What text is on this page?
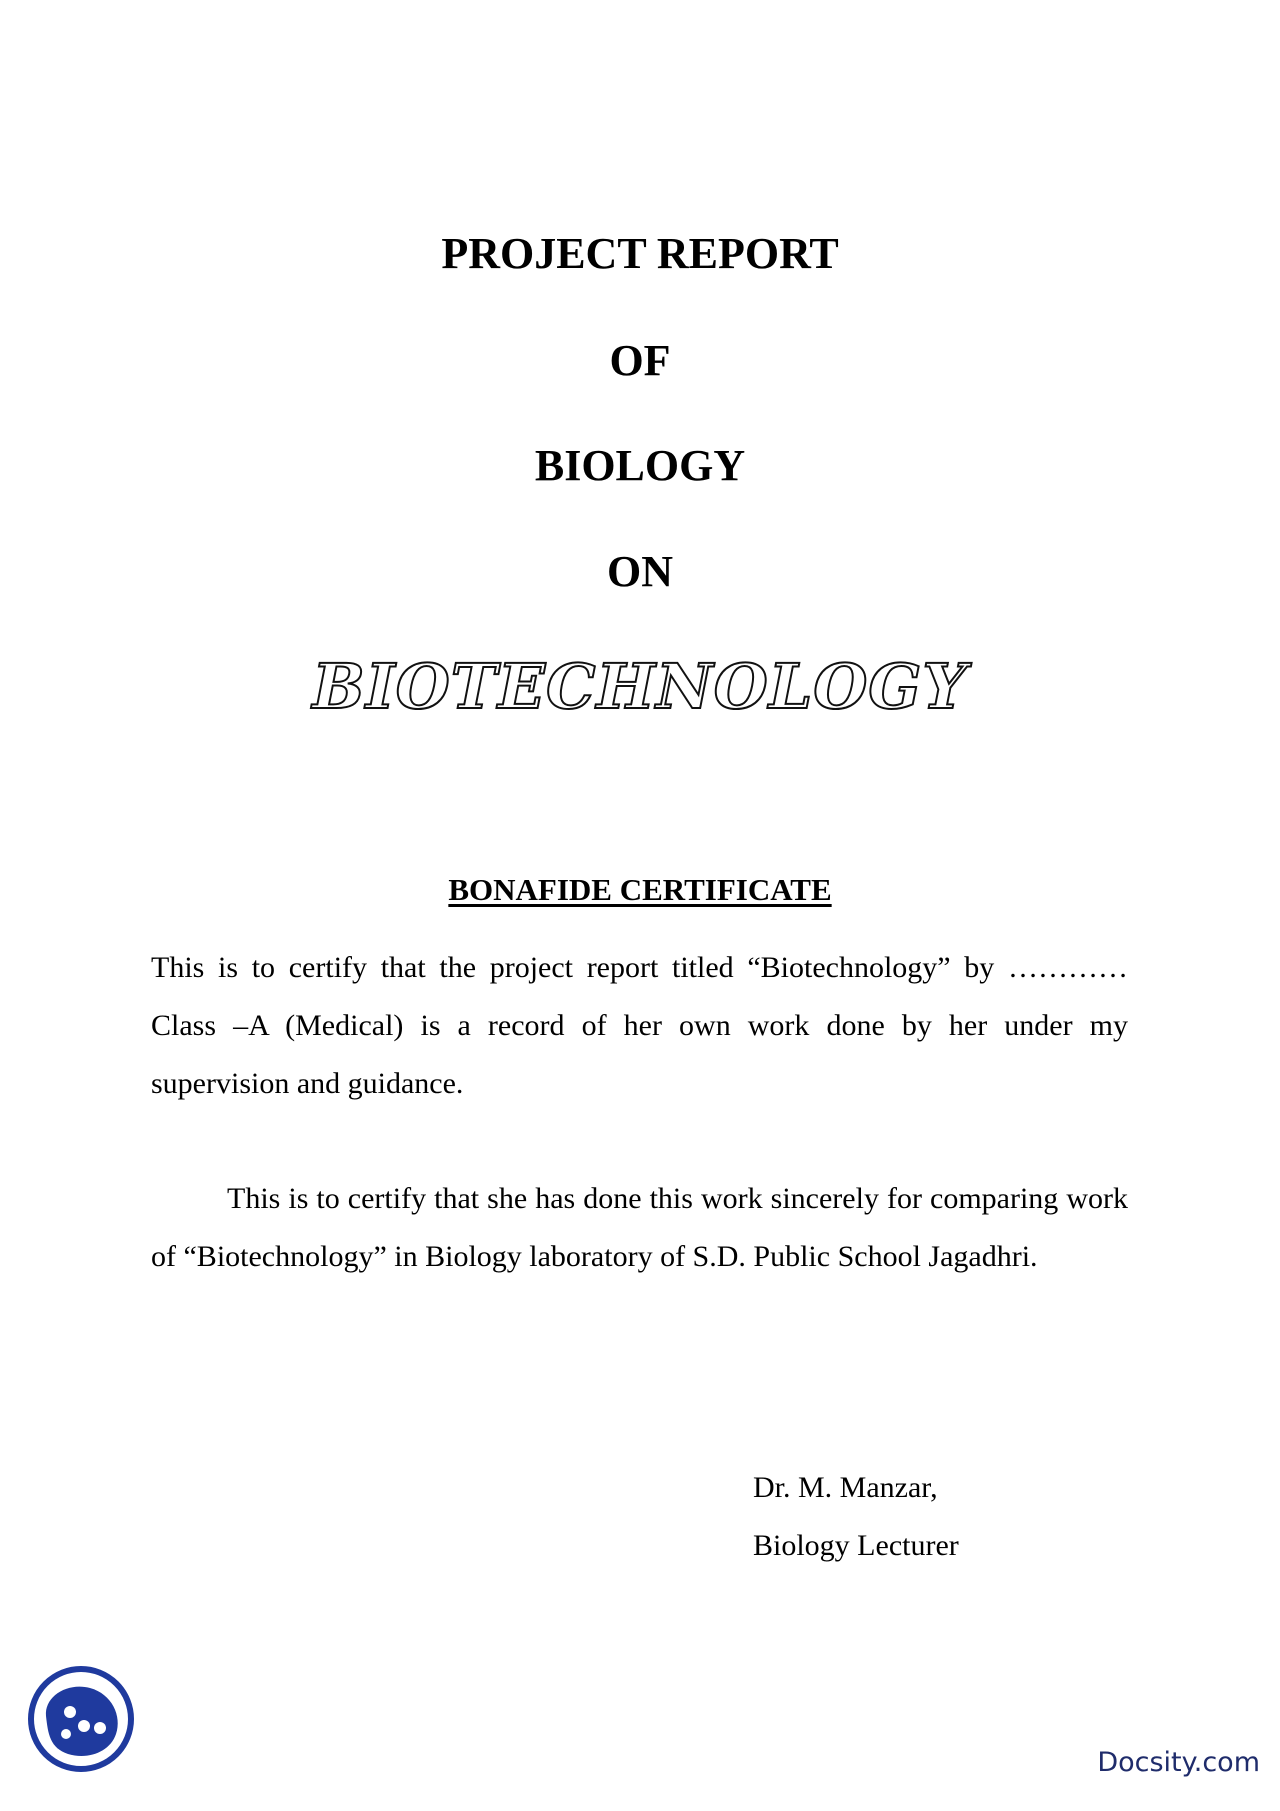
PROJECT REPORT
OF
BIOLOGY
ON
BIOTECHNOLOGY
BONAFIDE CERTIFICATE

This is to certify that the project report titled “Biotechnology” by ………… Class –A (Medical) is a record of her own work done by her under my supervision and guidance.

This is to certify that she has done this work sincerely for comparing work of “Biotechnology” in Biology laboratory of S.D. Public School Jagadhri.

Dr. M. Manzar,
Biology Lecturer
Docsity.com
